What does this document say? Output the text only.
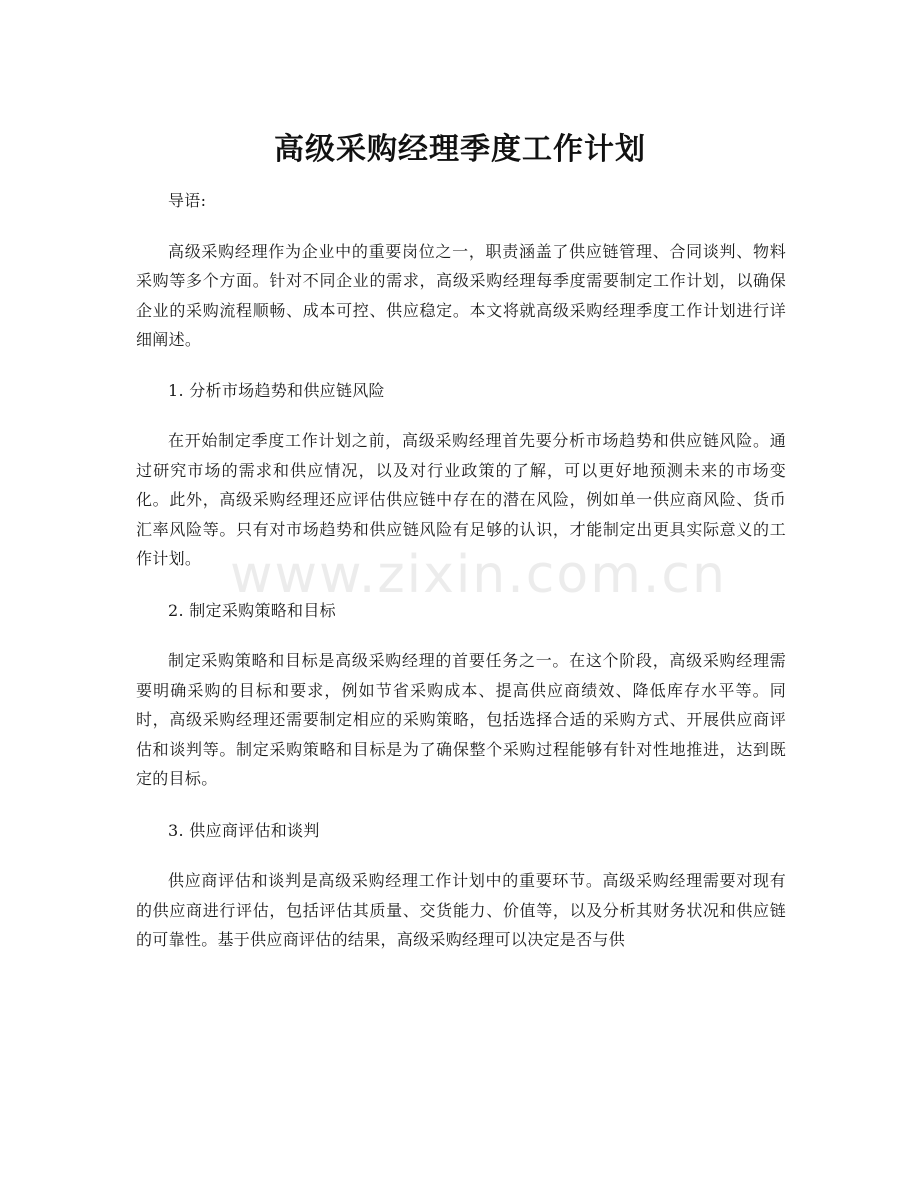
高级采购经理季度工作计划

导语:

高级采购经理作为企业中的重要岗位之一，职责涵盖了供应链管理、合同谈判、物料采购等多个方面。针对不同企业的需求，高级采购经理每季度需要制定工作计划，以确保企业的采购流程顺畅、成本可控、供应稳定。本文将就高级采购经理季度工作计划进行详细阐述。

1. 分析市场趋势和供应链风险

在开始制定季度工作计划之前，高级采购经理首先要分析市场趋势和供应链风险。通过研究市场的需求和供应情况，以及对行业政策的了解，可以更好地预测未来的市场变化。此外，高级采购经理还应评估供应链中存在的潜在风险，例如单一供应商风险、货币汇率风险等。只有对市场趋势和供应链风险有足够的认识，才能制定出更具实际意义的工作计划。

2. 制定采购策略和目标

制定采购策略和目标是高级采购经理的首要任务之一。在这个阶段，高级采购经理需要明确采购的目标和要求，例如节省采购成本、提高供应商绩效、降低库存水平等。同时，高级采购经理还需要制定相应的采购策略，包括选择合适的采购方式、开展供应商评估和谈判等。制定采购策略和目标是为了确保整个采购过程能够有针对性地推进，达到既定的目标。

3. 供应商评估和谈判

供应商评估和谈判是高级采购经理工作计划中的重要环节。高级采购经理需要对现有的供应商进行评估，包括评估其质量、交货能力、价值等，以及分析其财务状况和供应链的可靠性。基于供应商评估的结果，高级采购经理可以决定是否与供

www.zixin.com.cn
